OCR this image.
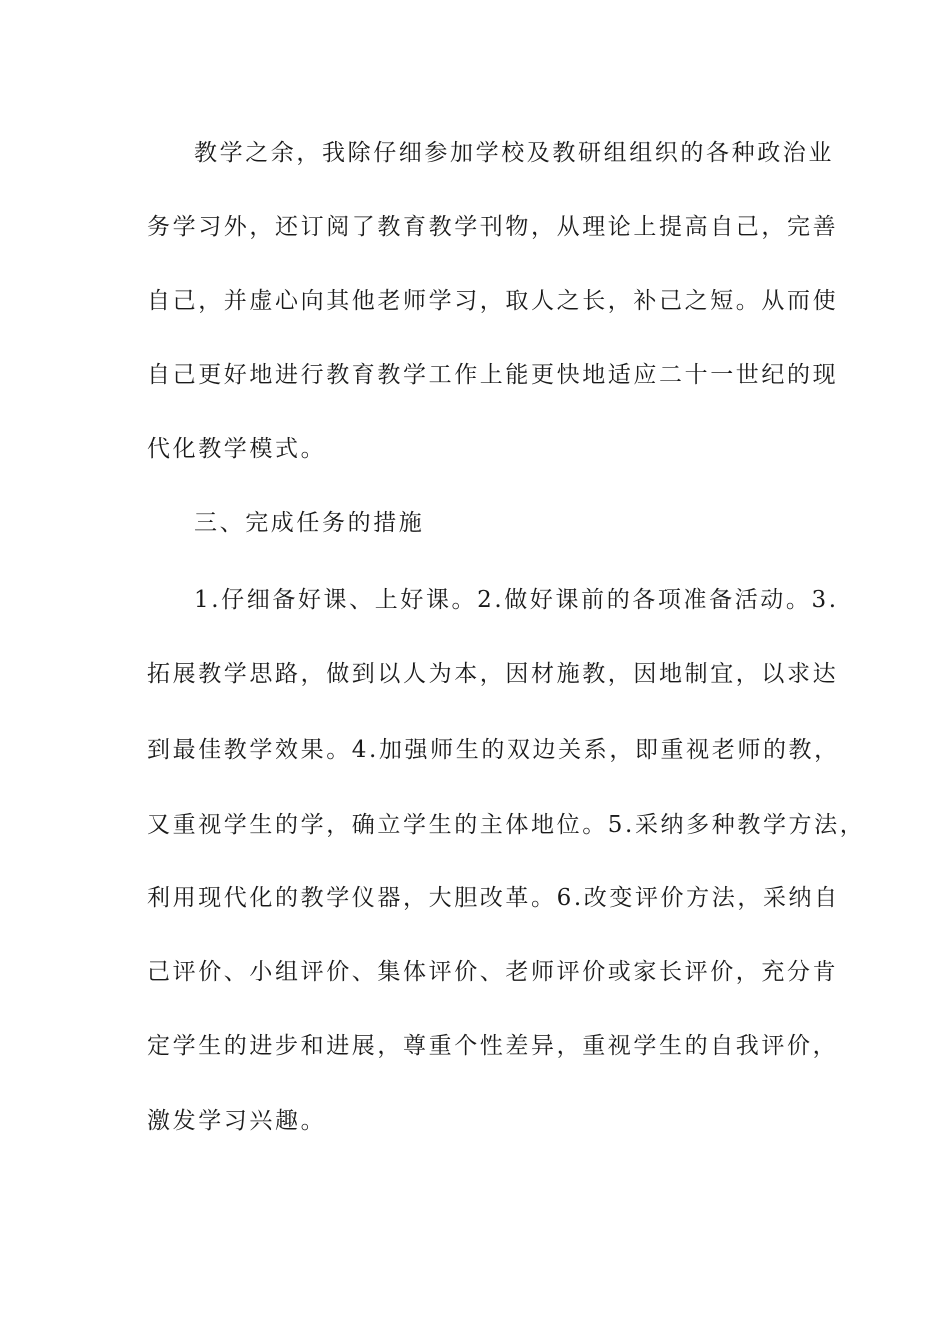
教学之余，我除仔细参加学校及教研组组织的各种政治业
务学习外，还订阅了教育教学刊物，从理论上提高自己，完善
自己，并虚心向其他老师学习，取人之长，补己之短。从而使
自己更好地进行教育教学工作上能更快地适应二十一世纪的现
代化教学模式。
三、完成任务的措施
1.仔细备好课、上好课。2.做好课前的各项准备活动。3.
拓展教学思路，做到以人为本，因材施教，因地制宜，以求达
到最佳教学效果。4.加强师生的双边关系，即重视老师的教，
又重视学生的学，确立学生的主体地位。5.采纳多种教学方法，
利用现代化的教学仪器，大胆改革。6.改变评价方法，采纳自
己评价、小组评价、集体评价、老师评价或家长评价，充分肯
定学生的进步和进展，尊重个性差异，重视学生的自我评价，
激发学习兴趣。
